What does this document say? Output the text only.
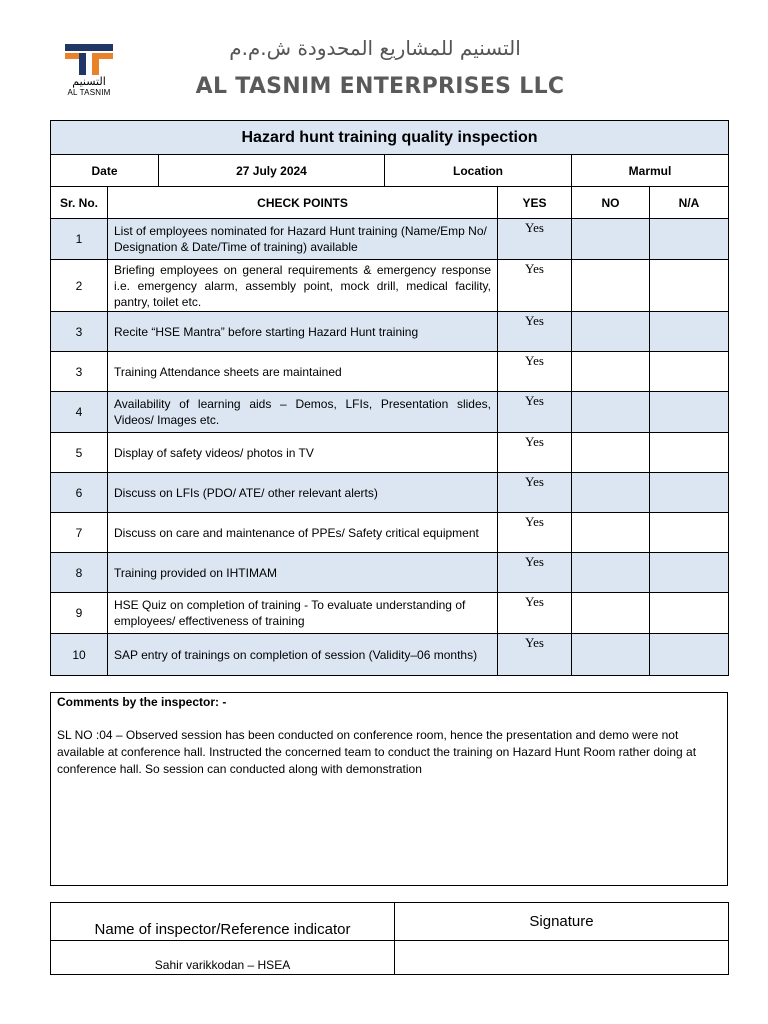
التسنيم
AL TASNIM
التسنيم للمشاريع المحدودة ش.م.م
AL TASNIM ENTERPRISES LLC
Hazard hunt training quality inspection						
Date		27 July 2024	Location		Marmul	
Sr. No.	CHECK POINTS			YES	NO	N/A
1	List of employees nominated for Hazard Hunt training (Name/Emp No/ Designation & Date/Time of training) available			Yes		
2	Briefing employees on general requirements & emergency response i.e. emergency alarm, assembly point, mock drill, medical facility, pantry, toilet etc.			Yes		
3	Recite “HSE Mantra” before starting Hazard Hunt training			Yes		
3	Training Attendance sheets are maintained			Yes		
4	Availability of learning aids – Demos, LFIs, Presentation slides, Videos/ Images etc.			Yes		
5	Display of safety videos/ photos in TV			Yes		
6	Discuss on LFIs (PDO/ ATE/ other relevant alerts)			Yes		
7	Discuss on care and maintenance of PPEs/ Safety critical equipment			Yes		
8	Training provided on IHTIMAM			Yes		
9	HSE Quiz on completion of training - To evaluate understanding of employees/ effectiveness of training			Yes		
10	SAP entry of trainings on completion of session (Validity–06 months)			Yes		
Comments by the inspector: -
SL NO :04 – Observed session has been conducted on conference room, hence the presentation and demo were not available at conference hall. Instructed the concerned team to conduct the training on Hazard Hunt Room rather doing at conference hall. So session can conducted along with demonstration
Name of inspector/Reference indicator	Signature
Sahir varikkodan – HSEA	
